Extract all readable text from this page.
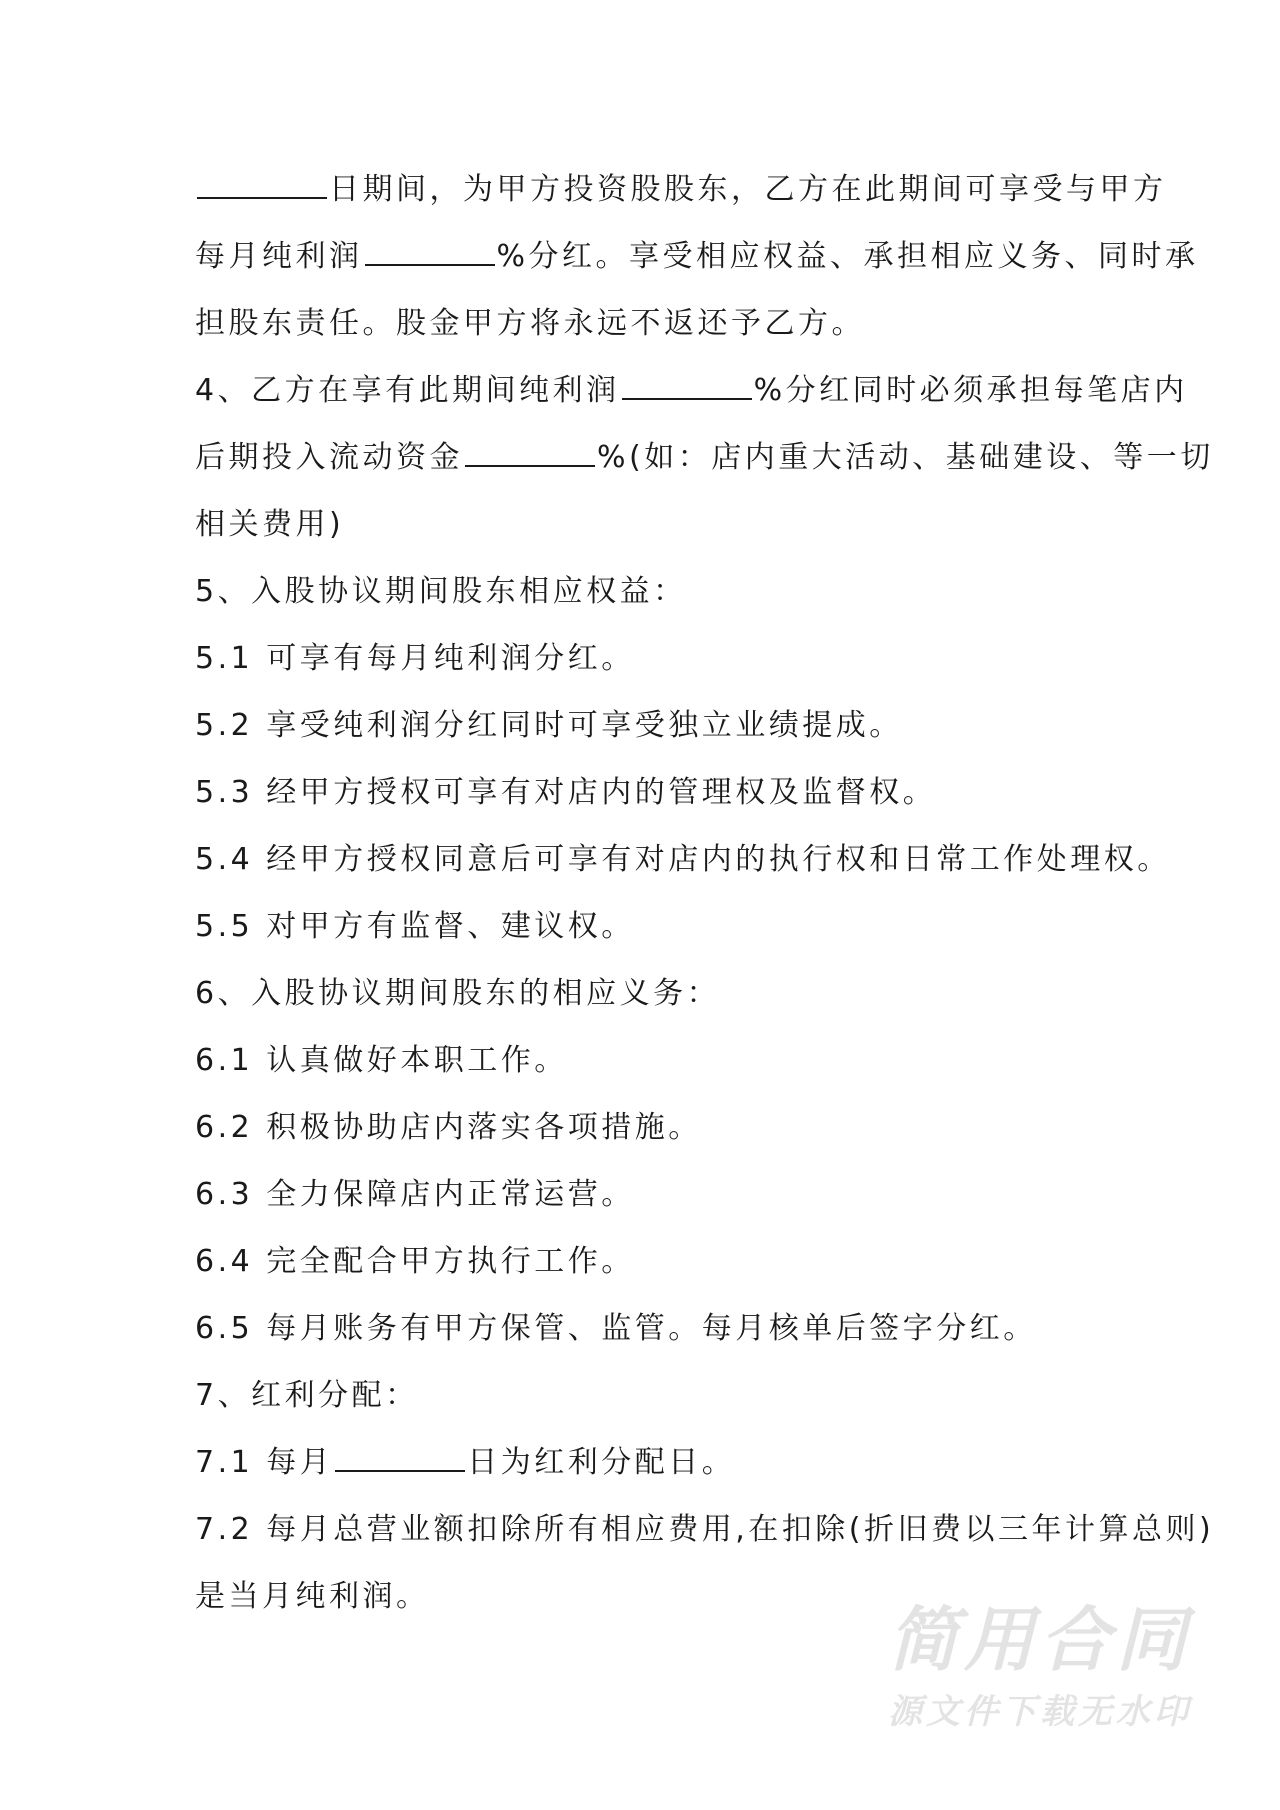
日期间，为甲方投资股股东，乙方在此期间可享受与甲方
每月纯利润	%分红。享受相应权益、承担相应义务、同时承
担股东责任。股金甲方将永远不返还予乙方。
4、乙方在享有此期间纯利润	%分红同时必须承担每笔店内
后期投入流动资金	%(如：店内重大活动、基础建设、等一切
相关费用)
5、入股协议期间股东相应权益：
5.1 可享有每月纯利润分红。
5.2 享受纯利润分红同时可享受独立业绩提成。
5.3 经甲方授权可享有对店内的管理权及监督权。
5.4 经甲方授权同意后可享有对店内的执行权和日常工作处理权。
5.5 对甲方有监督、建议权。
6、入股协议期间股东的相应义务：
6.1 认真做好本职工作。
6.2 积极协助店内落实各项措施。
6.3 全力保障店内正常运营。
6.4 完全配合甲方执行工作。
6.5 每月账务有甲方保管、监管。每月核单后签字分红。
7、红利分配：
7.1 每月	日为红利分配日。
7.2 每月总营业额扣除所有相应费用,在扣除(折旧费以三年计算总则)
是当月纯利润。
简用合同
源文件下载无水印
